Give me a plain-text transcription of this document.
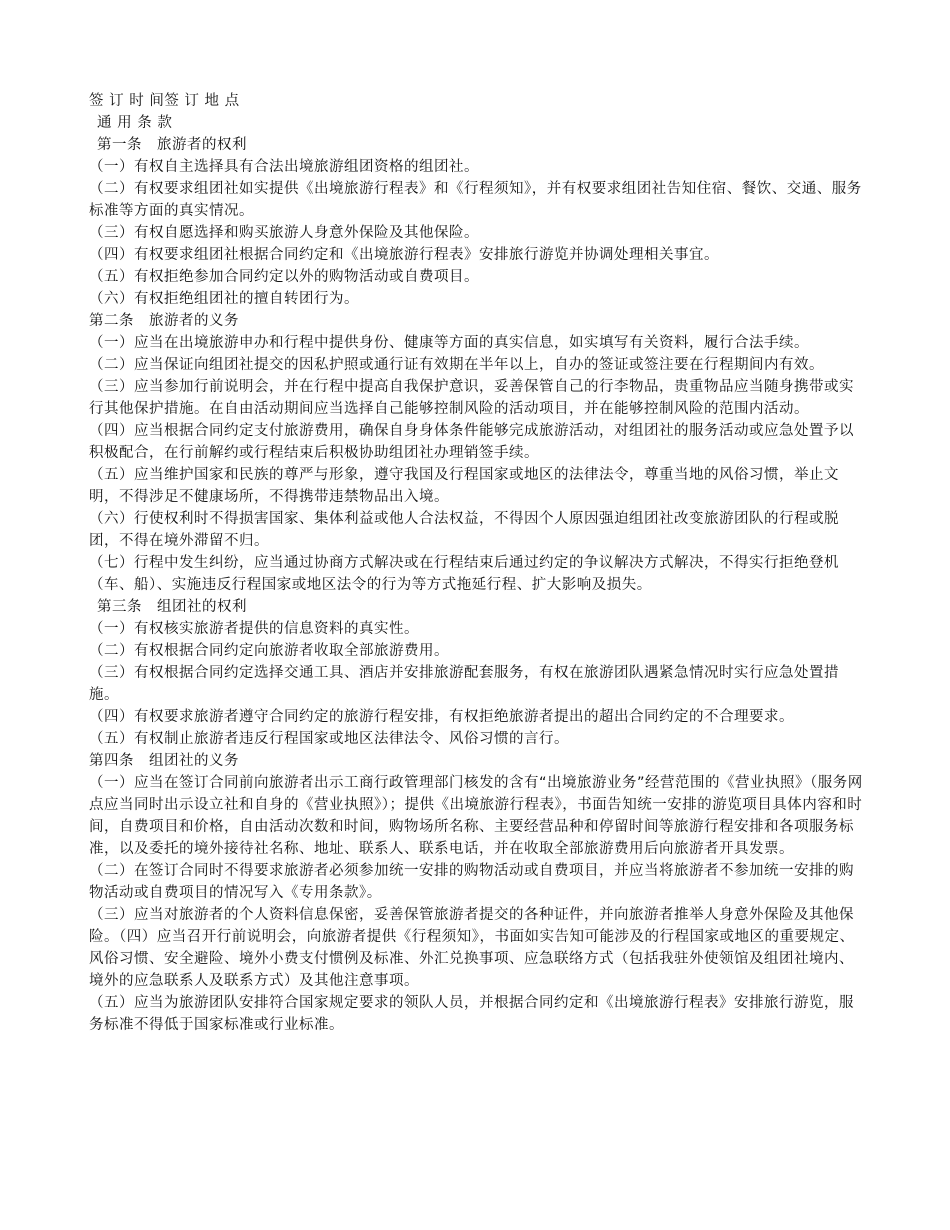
签 订 时 间签 订 地 点
通 用 条 款
第一条　旅游者的权利
（一）有权自主选择具有合法出境旅游组团资格的组团社。
（二）有权要求组团社如实提供《出境旅游行程表》和《行程须知》，并有权要求组团社告知住宿、餐饮、交通、服务标准等方面的真实情况。
（三）有权自愿选择和购买旅游人身意外保险及其他保险。
（四）有权要求组团社根据合同约定和《出境旅游行程表》安排旅行游览并协调处理相关事宜。
（五）有权拒绝参加合同约定以外的购物活动或自费项目。
（六）有权拒绝组团社的擅自转团行为。
第二条　旅游者的义务
（一）应当在出境旅游申办和行程中提供身份、健康等方面的真实信息，如实填写有关资料，履行合法手续。
（二）应当保证向组团社提交的因私护照或通行证有效期在半年以上，自办的签证或签注要在行程期间内有效。
（三）应当参加行前说明会，并在行程中提高自我保护意识，妥善保管自己的行李物品，贵重物品应当随身携带或实行其他保护措施。在自由活动期间应当选择自己能够控制风险的活动项目，并在能够控制风险的范围内活动。
（四）应当根据合同约定支付旅游费用，确保自身身体条件能够完成旅游活动，对组团社的服务活动或应急处置予以积极配合，在行前解约或行程结束后积极协助组团社办理销签手续。
（五）应当维护国家和民族的尊严与形象，遵守我国及行程国家或地区的法律法令，尊重当地的风俗习惯，举止文明，不得涉足不健康场所，不得携带违禁物品出入境。
（六）行使权利时不得损害国家、集体利益或他人合法权益，不得因个人原因强迫组团社改变旅游团队的行程或脱团，不得在境外滞留不归。
（七）行程中发生纠纷，应当通过协商方式解决或在行程结束后通过约定的争议解决方式解决，不得实行拒绝登机（车、船）、实施违反行程国家或地区法令的行为等方式拖延行程、扩大影响及损失。
第三条　组团社的权利
（一）有权核实旅游者提供的信息资料的真实性。
（二）有权根据合同约定向旅游者收取全部旅游费用。
（三）有权根据合同约定选择交通工具、酒店并安排旅游配套服务，有权在旅游团队遇紧急情况时实行应急处置措施。
（四）有权要求旅游者遵守合同约定的旅游行程安排，有权拒绝旅游者提出的超出合同约定的不合理要求。
（五）有权制止旅游者违反行程国家或地区法律法令、风俗习惯的言行。
第四条　组团社的义务
（一）应当在签订合同前向旅游者出示工商行政管理部门核发的含有“出境旅游业务”经营范围的《营业执照》（服务网点应当同时出示设立社和自身的《营业执照》）；提供《出境旅游行程表》，书面告知统一安排的游览项目具体内容和时间，自费项目和价格，自由活动次数和时间，购物场所名称、主要经营品种和停留时间等旅游行程安排和各项服务标准，以及委托的境外接待社名称、地址、联系人、联系电话，并在收取全部旅游费用后向旅游者开具发票。
（二）在签订合同时不得要求旅游者必须参加统一安排的购物活动或自费项目，并应当将旅游者不参加统一安排的购物活动或自费项目的情况写入《专用条款》。
（三）应当对旅游者的个人资料信息保密，妥善保管旅游者提交的各种证件，并向旅游者推举人身意外保险及其他保险。（四）应当召开行前说明会，向旅游者提供《行程须知》，书面如实告知可能涉及的行程国家或地区的重要规定、风俗习惯、安全避险、境外小费支付惯例及标准、外汇兑换事项、应急联络方式（包括我驻外使领馆及组团社境内、境外的应急联系人及联系方式）及其他注意事项。
（五）应当为旅游团队安排符合国家规定要求的领队人员，并根据合同约定和《出境旅游行程表》安排旅行游览，服务标准不得低于国家标准或行业标准。
